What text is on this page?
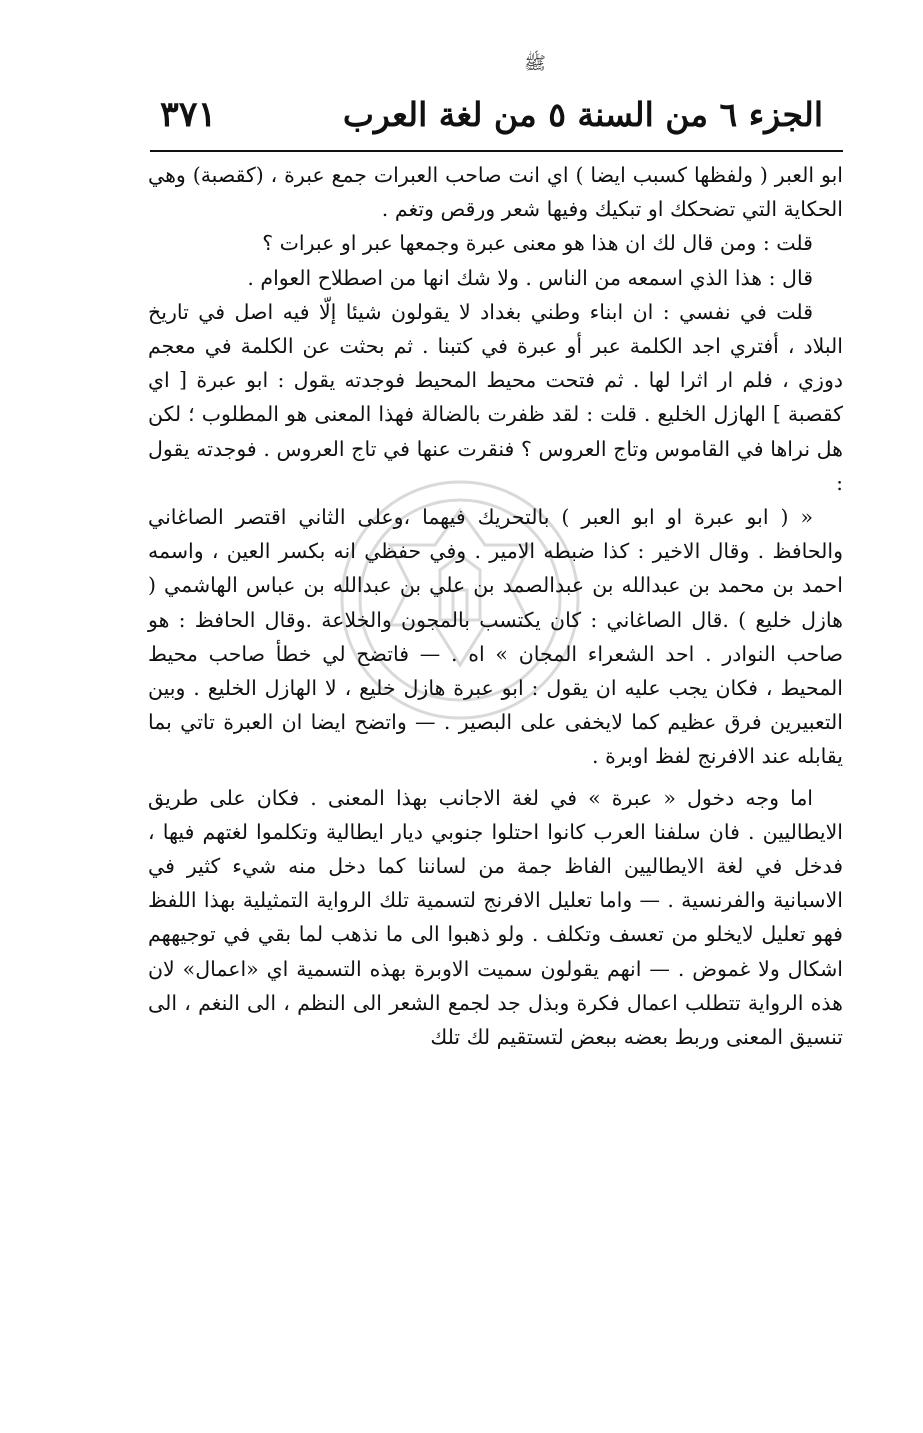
ﷺ
الجزء ٦ من السنة ٥ من لغة العرب
٣٧١

ابو العبر ( ولفظها كسبب ايضا ) اي انت صاحب العبرات جمع عبرة ، (كقصبة) وهي الحكاية التي تضحكك او تبكيك وفيها شعر ورقص وتغم .

قلت : ومن قال لك ان هذا هو معنى عبرة وجمعها عبر او عبرات ؟

قال : هذا الذي اسمعه من الناس . ولا شك انها من اصطلاح العوام .

قلت في نفسي : ان ابناء وطني بغداد لا يقولون شيئا إلّا فيه اصل في تاريخ البلاد ، أفتري اجد الكلمة عبر أو عبرة في كتبنا . ثم بحثت عن الكلمة في معجم دوزي ، فلم ار اثرا لها . ثم فتحت محيط المحيط فوجدته يقول : ابو عبرة [ اي كقصبة ] الهازل الخليع . قلت : لقد ظفرت بالضالة فهذا المعنى هو المطلوب ؛ لكن هل نراها في القاموس وتاج العروس ؟ فنقرت عنها في تاج العروس . فوجدته يقول :

« ( ابو عبرة او ابو العبر ) بالتحريك فيهما ،وعلى الثاني اقتصر الصاغاني والحافظ . وقال الاخير : كذا ضبطه الامير . وفي حفظي انه بكسر العين ، واسمه احمد بن محمد بن عبدالله بن عبدالصمد بن علي بن عبدالله بن عباس الهاشمي ( هازل خليع ) .قال الصاغاني : كان يكتسب بالمجون والخلاعة .وقال الحافظ : هو صاحب النوادر . احد الشعراء المجان » اه . — فاتضح لي خطأ صاحب محيط المحيط ، فكان يجب عليه ان يقول : ابو عبرة هازل خليع ، لا الهازل الخليع . وبين التعبيرين فرق عظيم كما لايخفى على البصير . — واتضح ايضا ان العبرة تاتي بما يقابله عند الافرنج لفظ اوبرة .

اما وجه دخول « عبرة » في لغة الاجانب بهذا المعنى . فكان على طريق الايطاليين . فان سلفنا العرب كانوا احتلوا جنوبي ديار ايطالية وتكلموا لغتهم فيها ، فدخل في لغة الايطاليين الفاظ جمة من لساننا كما دخل منه شيء كثير في الاسبانية والفرنسية . — واما تعليل الافرنج لتسمية تلك الرواية التمثيلية بهذا اللفظ فهو تعليل لايخلو من تعسف وتكلف . ولو ذهبوا الى ما نذهب لما بقي في توجيههم اشكال ولا غموض . — انهم يقولون سميت الاوبرة بهذه التسمية اي «اعمال» لان هذه الرواية تتطلب اعمال فكرة وبذل جد لجمع الشعر الى النظم ، الى النغم ، الى تنسيق المعنى وربط بعضه ببعض لتستقيم لك تلك
